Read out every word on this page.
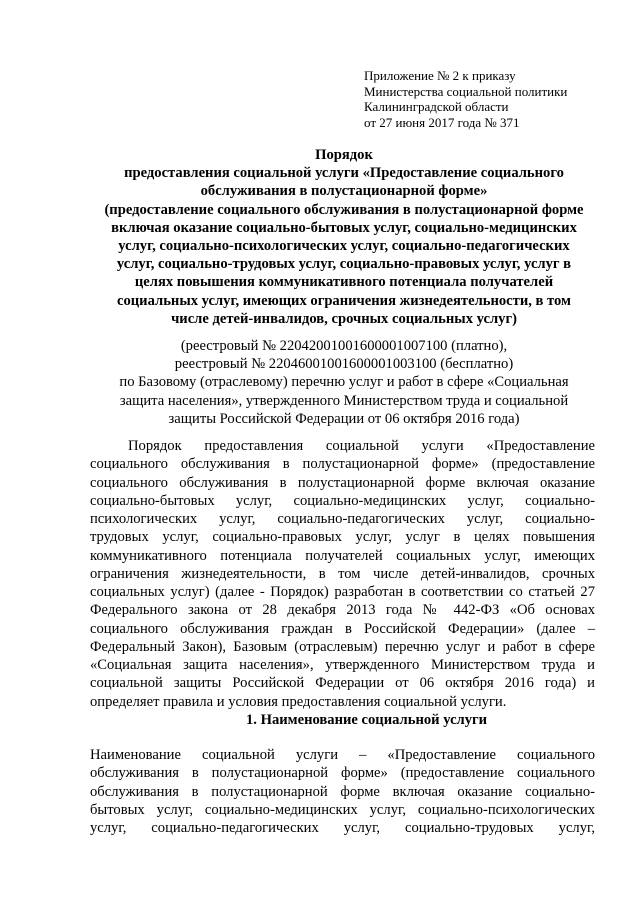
Приложение № 2 к приказу
Министерства социальной политики
Калининградской области
от 27 июня 2017 года № 371
Порядок
предоставления социальной услуги «Предоставление социального
обслуживания в полустационарной форме»
(предоставление социального обслуживания в полустационарной форме
включая оказание социально-бытовых услуг, социально-медицинских
услуг, социально-психологических услуг, социально-педагогических
услуг, социально-трудовых услуг, социально-правовых услуг, услуг в
целях повышения коммуникативного потенциала получателей
социальных услуг, имеющих ограничения жизнедеятельности, в том
числе детей-инвалидов, срочных социальных услуг)
(реестровый № 22042001001600001007100 (платно),
реестровый № 22046001001600001003100 (бесплатно)
по Базовому (отраслевому) перечню услуг и работ в сфере «Социальная
защита населения», утвержденного Министерством труда и социальной
защиты Российской Федерации от 06 октября 2016 года)
Порядок предоставления социальной услуги «Предоставление
социального обслуживания в полустационарной форме» (предоставление
социального обслуживания в полустационарной форме включая оказание
социально-бытовых услуг, социально-медицинских услуг, социально-
психологических услуг, социально-педагогических услуг, социально-
трудовых услуг, социально-правовых услуг, услуг в целях повышения
коммуникативного потенциала получателей социальных услуг, имеющих
ограничения жизнедеятельности, в том числе детей-инвалидов, срочных
социальных услуг) (далее - Порядок) разработан в соответствии со статьей 27
Федерального закона от 28 декабря 2013 года № 442-ФЗ «Об основах
социального обслуживания граждан в Российской Федерации» (далее –
Федеральный Закон), Базовым (отраслевым) перечню услуг и работ в сфере
«Социальная защита населения», утвержденного Министерством труда и
социальной защиты Российской Федерации от 06 октября 2016 года) и
определяет правила и условия предоставления социальной услуги.
1. Наименование социальной услуги
Наименование социальной услуги – «Предоставление социального
обслуживания в полустационарной форме» (предоставление социального
обслуживания в полустационарной форме включая оказание социально-
бытовых услуг, социально-медицинских услуг, социально-психологических
услуг, социально-педагогических услуг, социально-трудовых услуг,
